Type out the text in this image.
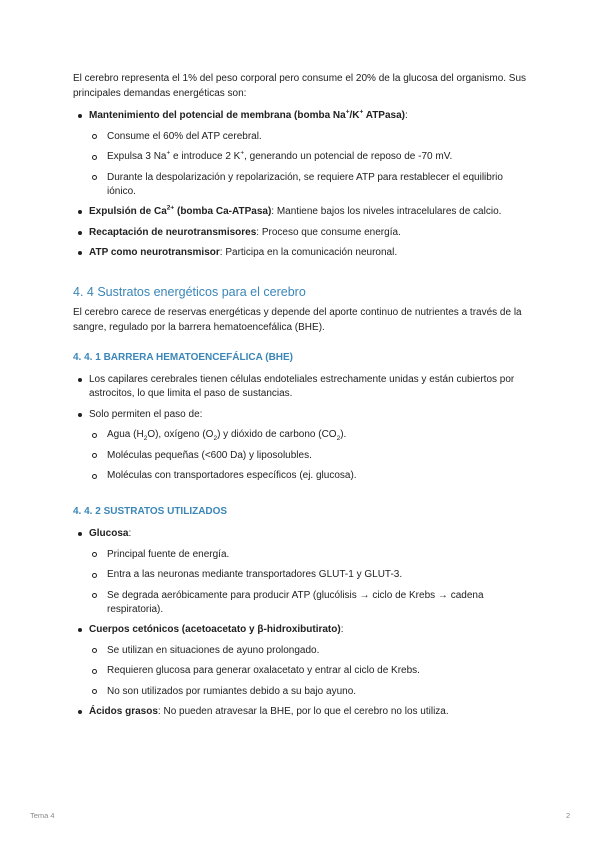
El cerebro representa el 1% del peso corporal pero consume el 20% de la glucosa del organismo. Sus principales demandas energéticas son:

Mantenimiento del potencial de membrana (bomba Na+/K+ ATPasa):
Consume el 60% del ATP cerebral.
Expulsa 3 Na+ e introduce 2 K+, generando un potencial de reposo de -70 mV.
Durante la despolarización y repolarización, se requiere ATP para restablecer el equilibrio iónico.
Expulsión de $Ca^{2+}$ (bomba Ca-ATPasa): Mantiene bajos los niveles intracelulares de calcio.
Recaptación de neurotransmisores: Proceso que consume energía.
ATP como neurotransmisor: Participa en la comunicación neuronal.
4. 4 Sustratos energéticos para el cerebro

El cerebro carece de reservas energéticas y depende del aporte continuo de nutrientes a través de la sangre, regulado por la barrera hematoencefálica (BHE).

4. 4. 1 BARRERA HEMATOENCEFÁLICA (BHE)
Los capilares cerebrales tienen células endoteliales estrechamente unidas y están cubiertos por astrocitos, lo que limita el paso de sustancias.
Solo permiten el paso de:
Agua $(H_2O)$, oxígeno $(O_2)$ y dióxido de carbono $(CO_2)$.
Moléculas pequeñas (<600 Da) y liposolubles.
Moléculas con transportadores específicos (ej. glucosa).
4. 4. 2 SUSTRATOS UTILIZADOS
Glucosa:
Principal fuente de energía.
Entra a las neuronas mediante transportadores GLUT-1 y GLUT-3.
Se degrada aeróbicamente para producir ATP (glucólisis → ciclo de Krebs → cadena respiratoria).
Cuerpos cetónicos (acetoacetato y β-hidroxibutirato):
Se utilizan en situaciones de ayuno prolongado.
Requieren glucosa para generar oxalacetato y entrar al ciclo de Krebs.
No son utilizados por rumiantes debido a su bajo ayuno.
Ácidos grasos: No pueden atravesar la BHE, por lo que el cerebro no los utiliza.
Tema 4	2
